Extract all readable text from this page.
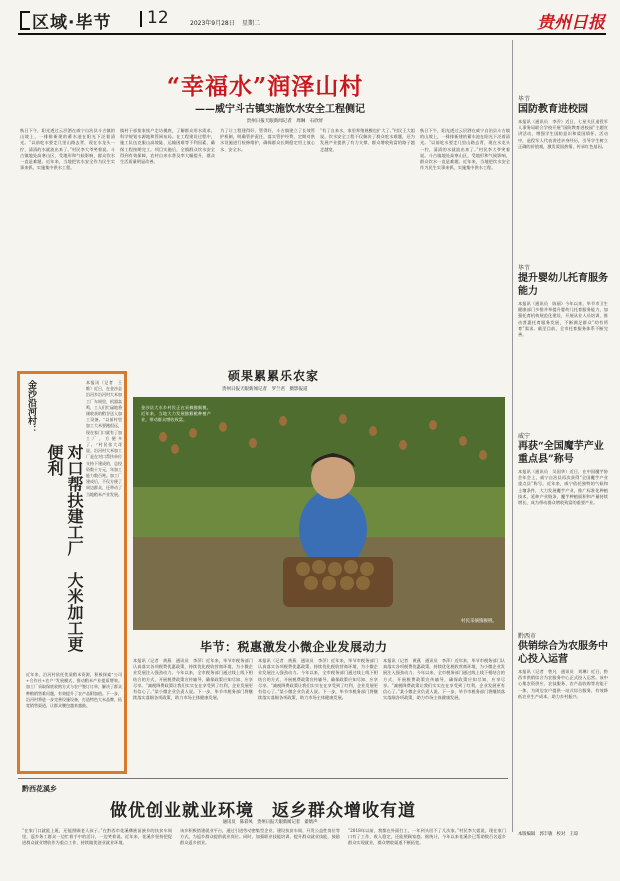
区域·毕节 12	2023年9月28日 星期二	贵州日报
“幸福水”润泽山村
——威宁斗古镇实施饮水安全工程侧记
贵州日报天眼新闻记者　周琳　石欣妤
秋日下午，阳光透过云层洒在威宁自治县斗古镇的山坡上，一排排新建的蓄水池在阳光下泛着清光。“以前吃水要走几里山路去背，现在水龙头一拧，清清的水就流出来了。”村民李大爷笑着说。斗古镇地处高寒山区，受地形和气候影响，群众饮水一直是难题。近年来，当地把饮水安全作为民生实事来抓，实施集中供水工程。
镇村干部挨家挨户走访摸底，了解群众用水需求，科学规划水源地和管网布局。在工程建设过程中，施工队伍克服山高坡陡、运输困难等不利因素，确保工程按期完工。项目实施后，全镇群众饮水安全得到有效保障，农村自来水普及率大幅提升，群众生活质量明显改善。
为了让工程建得好、管得好，斗古镇建立了长效管护机制，明确管护责任，落实管护经费，定期对供水设施进行检修维护，确保群众长期稳定用上放心水、安全水。
“有了自来水，家里养殖规模也扩大了。”村民王大姐说。饮水安全工程不仅解决了群众吃水难题，还为发展产业提供了有力支撑，群众增收致富的路子越走越宽。
秋日下午，阳光透过云层洒在威宁自治县斗古镇的山坡上，一排排新建的蓄水池在阳光下泛着清光。“以前吃水要走几里山路去背，现在水龙头一拧，清清的水就流出来了。”村民李大爷笑着说。斗古镇地处高寒山区，受地形和气候影响，群众饮水一直是难题。近年来，当地把饮水安全作为民生实事来抓，实施集中供水工程。
金沙沿河村：
对口帮扶建工厂　大米加工更便利
本报讯（记者　王维）近日，在金沙县沿河乡沿河村大米加工厂车间里，机器轰鸣，工人们忙碌地将刚收获的稻谷送入加工设备。“以前村里加工大米要跑很远，现在家门口就有了加工厂，方便多了。”村民张大哥说。沿河村大米加工厂是在对口帮扶单位支持下建成的，总投资数十万元，年加工能力数百吨。加工厂建成后，不仅方便了周边群众，还带动了当地稻米产业发展。
近年来，沿河村依托优质稻米资源，积极探索“公司+合作社+农户”发展模式，推动稻米产业提质增效。加工厂采取保底收购方式与农户签订订单，解决了群众种粮销售难问题，有效提升了农产品附加值。下一步，沿河村将进一步完善设施设备，打造特色大米品牌，拓宽销售渠道，让群众腰包越来越鼓。
硕果累累乐农家
贵州日报天眼新闻记者　罗兰君　摄影报道
金沙县大水乡村民正在采摘猕猴桃。近年来，当地大力发展猕猴桃种植产业，带动群众增收致富。
村民采摘猕猴桃。
毕节：税惠激发小微企业发展动力
本报讯（记者　黄燕　通讯员　李萍）近年来，毕节市税务部门认真落实各项税费优惠政策，持续优化税收营商环境，为小微企业发展注入强劲动力。今年以来，全市税务部门通过线上线下相结合的方式，开展税费政策宣传辅导，确保政策应知尽知、应享尽享。“减税降费政策让我们实实在在享受到了红利，企业发展更有信心了。”某小微企业负责人说。下一步，毕节市税务部门将继续落实落细各项政策，助力市场主体健康发展。
本报讯（记者　黄燕　通讯员　李萍）近年来，毕节市税务部门认真落实各项税费优惠政策，持续优化税收营商环境，为小微企业发展注入强劲动力。今年以来，全市税务部门通过线上线下相结合的方式，开展税费政策宣传辅导，确保政策应知尽知、应享尽享。“减税降费政策让我们实实在在享受到了红利，企业发展更有信心了。”某小微企业负责人说。下一步，毕节市税务部门将继续落实落细各项政策，助力市场主体健康发展。
本报讯（记者　黄燕　通讯员　李萍）近年来，毕节市税务部门认真落实各项税费优惠政策，持续优化税收营商环境，为小微企业发展注入强劲动力。今年以来，全市税务部门通过线上线下相结合的方式，开展税费政策宣传辅导，确保政策应知尽知、应享尽享。“减税降费政策让我们实实在在享受到了红利，企业发展更有信心了。”某小微企业负责人说。下一步，毕节市税务部门将继续落实落细各项政策，助力市场主体健康发展。
黔西花溪乡
做优创业就业环境　返乡群众增收有道
通讯员　陈彩凤　贵州日报天眼新闻记者　翟婧声
“在家门口就能上班，还能照顾老人孩子。”在黔西市花溪彝族苗族乡的扶贫车间里，返乡务工群众一边忙着手中的活计，一边笑着说。近年来，花溪乡坚持把促进群众就业增收作为重点工作，持续做优创业就业环境。
该乡积极搭建就业平台，通过引进劳动密集型企业、建设扶贫车间、开发公益性岗位等方式，为返乡群众提供就业岗位。同时，加强职业技能培训，提升群众就业技能，鼓励群众返乡创业。
“2018年以前，我都在外面打工，一年到头回不了几次家。”村民李大姐说，现在家门口有了工作，收入稳定，还能照顾家庭。据统计，今年以来花溪乡已帮助数百名返乡群众实现就业，群众增收渠道不断拓宽。
毕节
国防教育进校园
本报讯（通讯员　李乔）近日，七星关区退役军人事务局联合学校开展“国防教育进校园”主题宣讲活动，增强学生国防意识和爱国情怀。活动中，退役军人代表讲述亲身经历，引导学生树立正确的价值观，激发爱国热情，传承红色基因。
毕节
提升婴幼儿托育服务能力
本报讯（通讯员　陈丽）今年以来，毕节市卫生健康部门多措并举提升婴幼儿托育服务能力，加强托育机构规范化建设，开展从业人员培训，推动普惠托育服务发展，不断满足群众“幼有所育”需求。截至目前，全市托育服务体系不断完善。
威宁
再获“全国魔芋产业重点县”称号
本报讯（通讯员　吴国华）近日，在中国魔芋协会年会上，威宁自治县再次获得“全国魔芋产业重点县”称号。近年来，威宁依托独特的气候和土壤条件，大力发展魔芋产业，推广标准化种植技术，延伸产业链条，魔芋种植面积和产量持续增长，成为带动群众增收致富的重要产业。
黔西市
供销综合为农服务中心投入运营
本报讯（记者　曾凡　通讯员　刘琳）近日，黔西市供销综合为农服务中心正式投入运营。该中心集农资供应、农技服务、农产品收购等功能于一体，为周边农户提供一站式综合服务，有效降低农业生产成本，助力乡村振兴。
本版编辑　郭丰敏　校对　王琼
